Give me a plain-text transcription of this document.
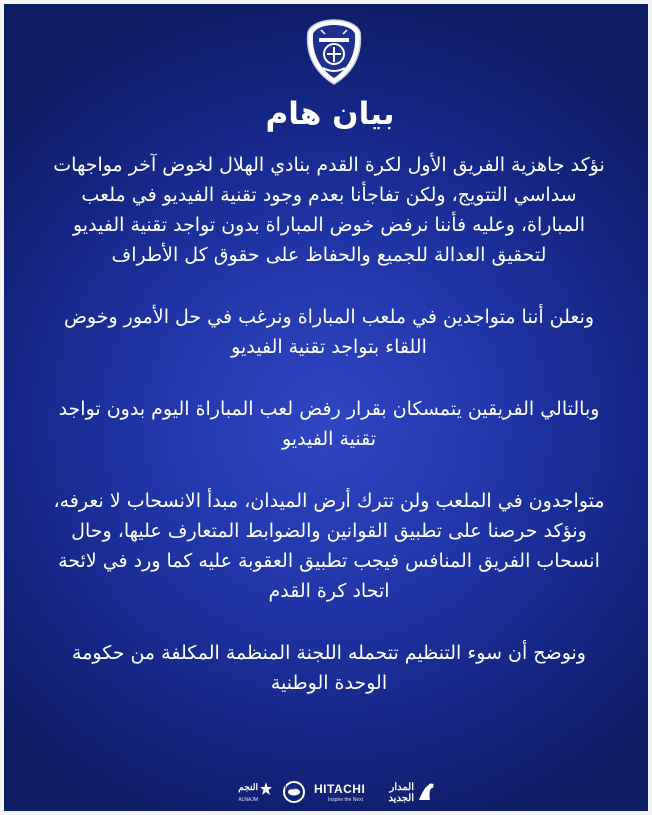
بيان هام

نؤكد جاهزية الفريق الأول لكرة القدم بنادي الهلال لخوض آخر مواجهات
سداسي التتويج، ولكن تفاجأنا بعدم وجود تقنية الفيديو في ملعب
المباراة، وعليه فأننا نرفض خوض المباراة بدون تواجد تقنية الفيديو
لتحقيق العدالة للجميع والحفاظ على حقوق كل الأطراف

ونعلن أننا متواجدين في ملعب المباراة ونرغب في حل الأمور وخوض
اللقاء بتواجد تقنية الفيديو

وبالتالي الفريقين يتمسكان بقرار رفض لعب المباراة اليوم بدون تواجد
تقنية الفيديو

متواجدون في الملعب ولن تترك أرض الميدان، مبدأ الانسحاب لا نعرفه،
ونؤكد حرصنا على تطبيق القوانين والضوابط المتعارف عليها، وحال
انسحاب الفريق المنافس فيجب تطبيق العقوبة عليه كما ورد في لائحة
اتحاد كرة القدم

ونوضح أن سوء التنظيم تتحمله اللجنة المنظمة المكلفة من حكومة
الوحدة الوطنية

المدار الجديد
HITACHI
Inspire the Next
ليبيانا
النجم
ALNAJM
